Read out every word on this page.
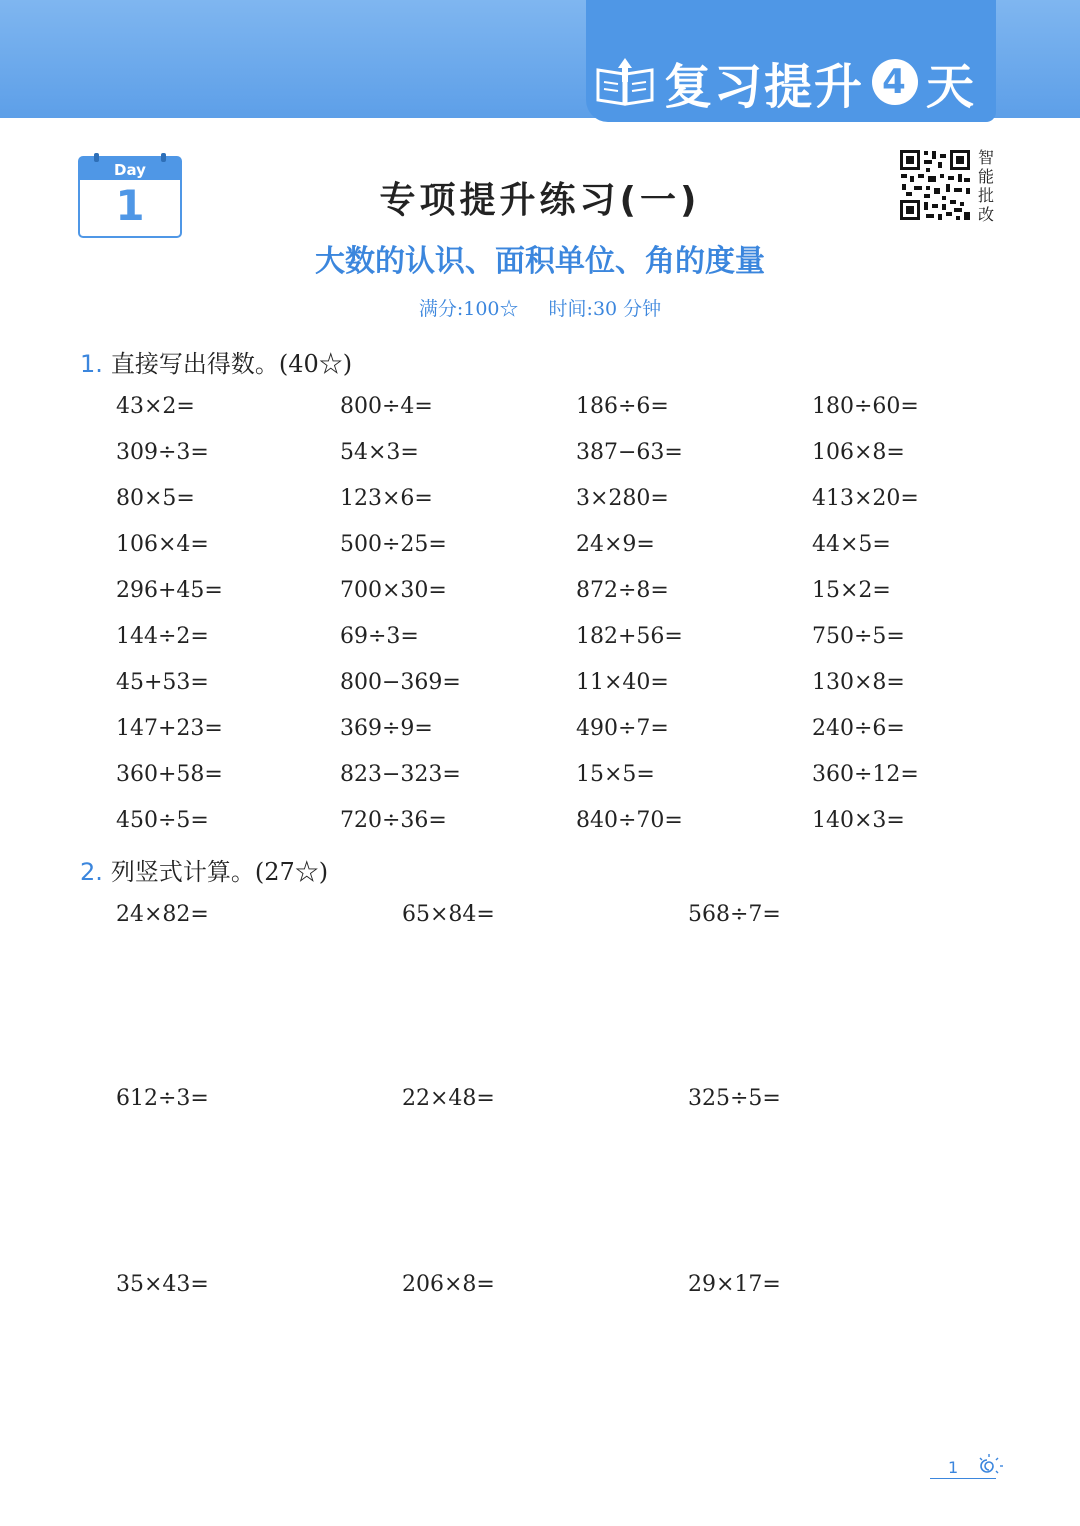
复习提升 4 天
Day
1
智能批改
专项提升练习(一)
大数的认识、面积单位、角的度量
满分:100☆ 时间:30 分钟
1. 直接写出得数。(40☆)
43×2=	800÷4=	186÷6=	180÷60=
309÷3=	54×3=	387−63=	106×8=
80×5=	123×6=	3×280=	413×20=
106×4=	500÷25=	24×9=	44×5=
296+45=	700×30=	872÷8=	15×2=
144÷2=	69÷3=	182+56=	750÷5=
45+53=	800−369=	11×40=	130×8=
147+23=	369÷9=	490÷7=	240÷6=
360+58=	823−323=	15×5=	360÷12=
450÷5=	720÷36=	840÷70=	140×3=
2. 列竖式计算。(27☆)
24×82=	65×84=	568÷7=
612÷3=	22×48=	325÷5=
35×43=	206×8=	29×17=
1
